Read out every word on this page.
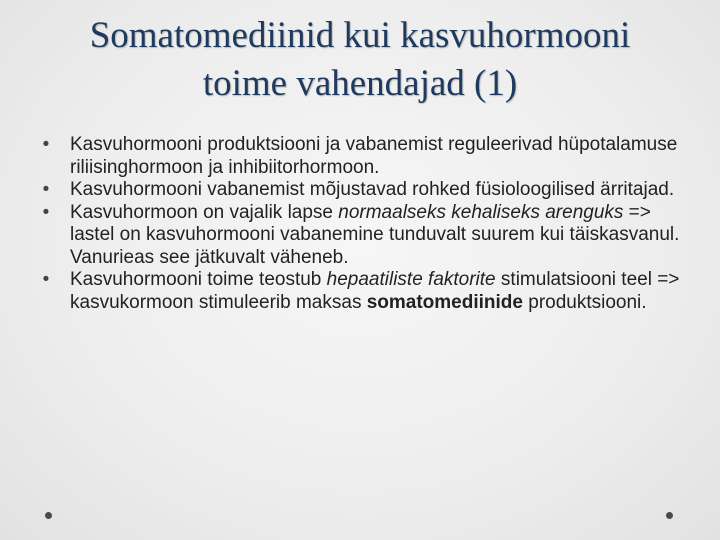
Somatomediinid kui kasvuhormooni
toime vahendajad (1)
• Kasvuhormooni produktsiooni ja vabanemist reguleerivad hüpotalamuse riliisinghormoon ja inhibiitorhormoon.
• Kasvuhormooni vabanemist mõjustavad rohked füsioloogilised ärritajad.
• Kasvuhormoon on vajalik lapse normaalseks kehaliseks arenguks => lastel on kasvuhormooni vabanemine tunduvalt suurem kui täiskasvanul. Vanurieas see jätkuvalt väheneb.
• Kasvuhormooni toime teostub hepaatiliste faktorite stimulatsiooni teel => kasvukormoon stimuleerib maksas somatomediinide produktsiooni.
